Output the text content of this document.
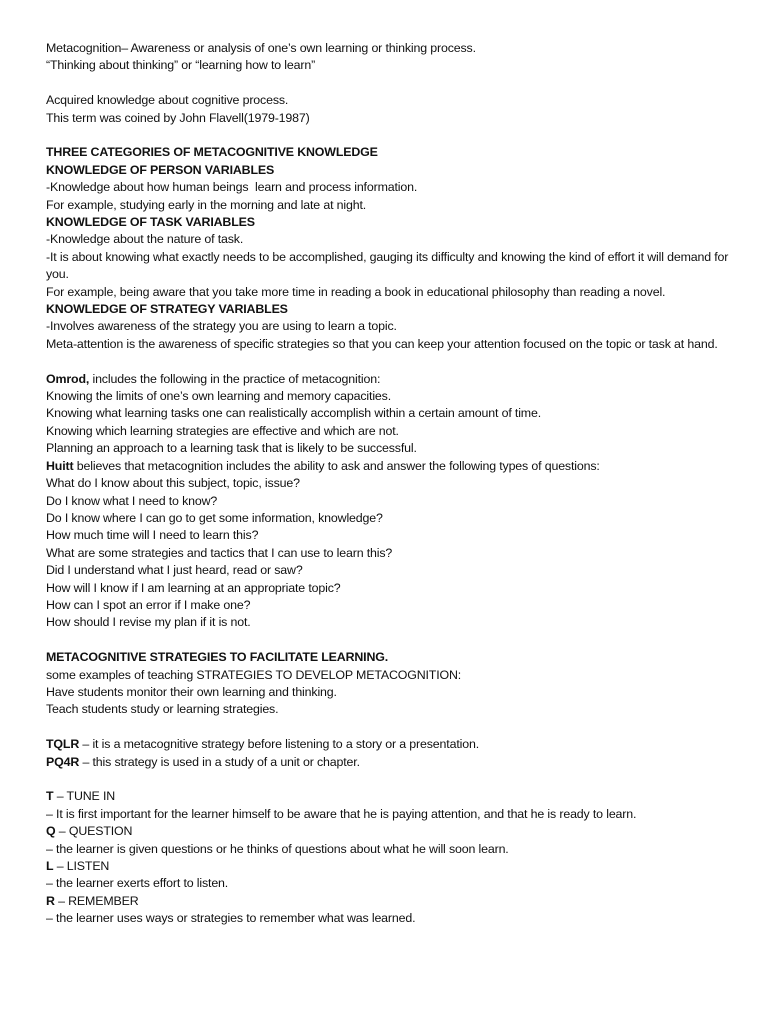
Metacognition– Awareness or analysis of one’s own learning or thinking process.
“Thinking about thinking” or “learning how to learn”
Acquired knowledge about cognitive process.
This term was coined by John Flavell(1979-1987)
THREE CATEGORIES OF METACOGNITIVE KNOWLEDGE
KNOWLEDGE OF PERSON VARIABLES
-Knowledge about how human beings  learn and process information.
For example, studying early in the morning and late at night.
KNOWLEDGE OF TASK VARIABLES
-Knowledge about the nature of task.
-It is about knowing what exactly needs to be accomplished, gauging its difficulty and knowing the kind of effort it will demand for you.
For example, being aware that you take more time in reading a book in educational philosophy than reading a novel.
KNOWLEDGE OF STRATEGY VARIABLES
-Involves awareness of the strategy you are using to learn a topic.
Meta-attention is the awareness of specific strategies so that you can keep your attention focused on the topic or task at hand.
Omrod, includes the following in the practice of metacognition:
Knowing the limits of one’s own learning and memory capacities.
Knowing what learning tasks one can realistically accomplish within a certain amount of time.
Knowing which learning strategies are effective and which are not.
Planning an approach to a learning task that is likely to be successful.
Huitt believes that metacognition includes the ability to ask and answer the following types of questions:
What do I know about this subject, topic, issue?
Do I know what I need to know?
Do I know where I can go to get some information, knowledge?
How much time will I need to learn this?
What are some strategies and tactics that I can use to learn this?
Did I understand what I just heard, read or saw?
How will I know if I am learning at an appropriate topic?
How can I spot an error if I make one?
How should I revise my plan if it is not.
METACOGNITIVE STRATEGIES TO FACILITATE LEARNING.
some examples of teaching STRATEGIES TO DEVELOP METACOGNITION:
Have students monitor their own learning and thinking.
Teach students study or learning strategies.
TQLR – it is a metacognitive strategy before listening to a story or a presentation.
PQ4R – this strategy is used in a study of a unit or chapter.
T – TUNE IN
– It is first important for the learner himself to be aware that he is paying attention, and that he is ready to learn.
Q – QUESTION
– the learner is given questions or he thinks of questions about what he will soon learn.
L – LISTEN
– the learner exerts effort to listen.
R – REMEMBER
– the learner uses ways or strategies to remember what was learned.
